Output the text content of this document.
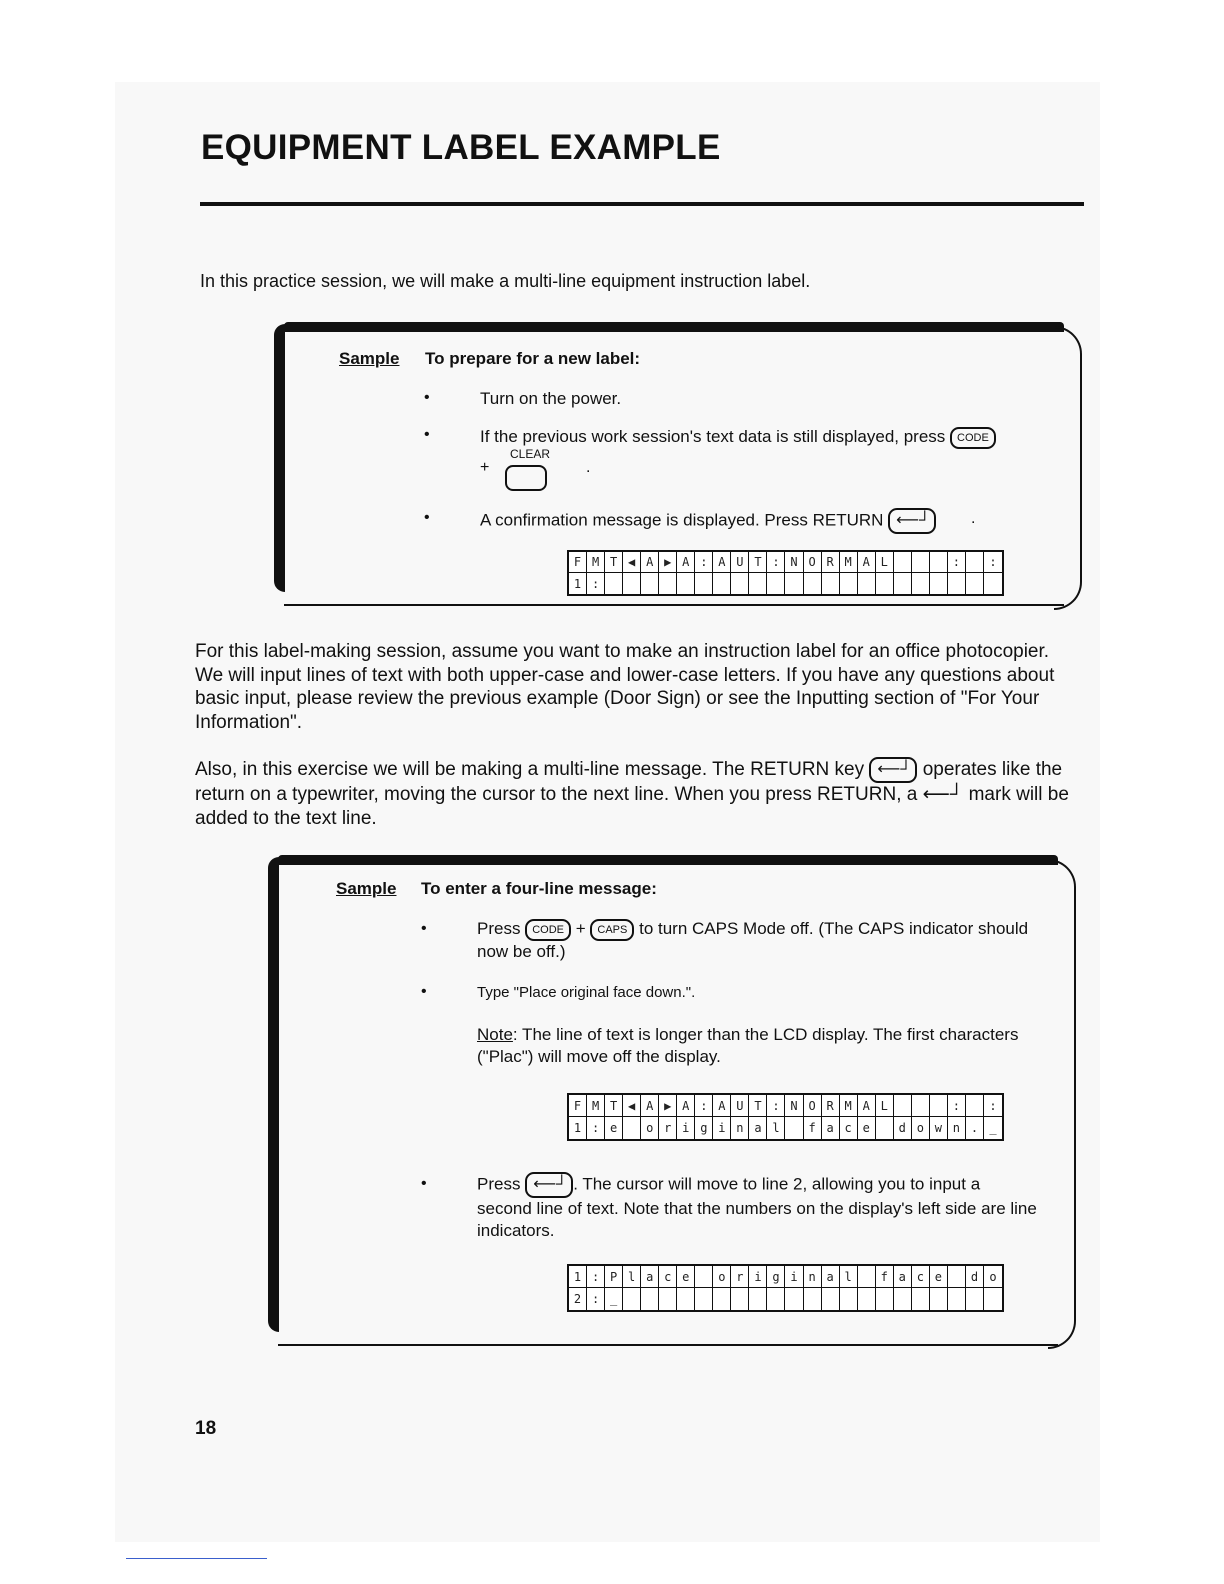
EQUIPMENT LABEL EXAMPLE

In this practice session, we will make a multi-line equipment instruction label.

Sample To prepare for a new label:
•	Turn on the power.
•	If the previous work session's text data is still displayed, press CODE
CLEAR
+	.
•	A confirmation message is displayed. Press RETURN ⟵┘	.
F M T ◀ A ▶ A : A U T : N O R M A L	:	:
1 :

For this label-making session, assume you want to make an instruction label for an office photocopier. We will input lines of text with both upper-case and lower-case letters. If you have any questions about basic input, please review the previous example (Door Sign) or see the Inputting section of "For Your Information".

Also, in this exercise we will be making a multi-line message. The RETURN key ⟵┘ operates like the return on a typewriter, moving the cursor to the next line. When you press RETURN, a ⟵┘ mark will be added to the text line.

Sample To enter a four-line message:
•	Press CODE + CAPS to turn CAPS Mode off. (The CAPS indicator should now be off.)
•	Type "Place original face down.".
Note: The line of text is longer than the LCD display. The first characters ("Plac") will move off the display.
F M T ◀ A ▶ A : A U T : N O R M A L	:	:
1 : e	o r i g i n a l	f a c e	d o w n . _
•	Press ⟵┘ . The cursor will move to line 2, allowing you to input a
second line of text. Note that the numbers on the display's left side are line indicators.
1 : P l a c e	o r i g i n a l	f a c e	d o
2 : _
18
